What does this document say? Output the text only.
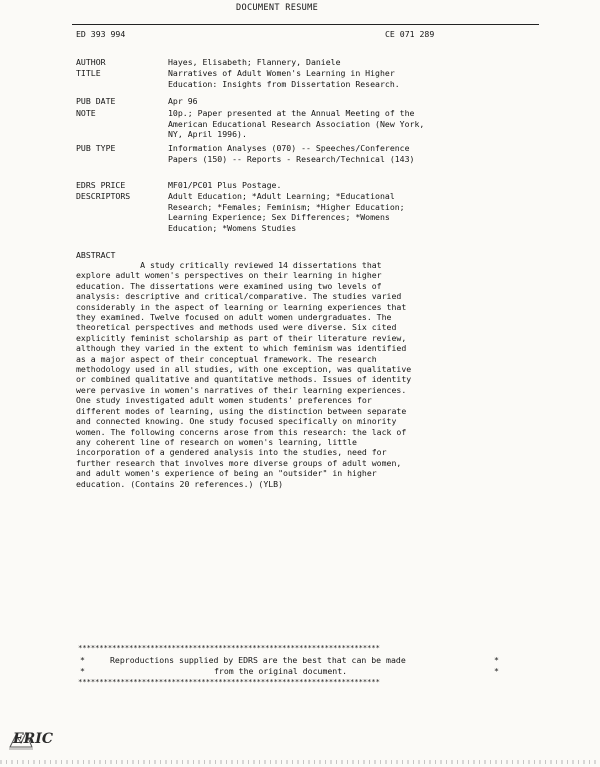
DOCUMENT RESUME
ED 393 994	CE 071 289
AUTHOR	Hayes, Elisabeth; Flannery, Daniele
TITLE	Narratives of Adult Women's Learning in Higher
Education: Insights from Dissertation Research.
PUB DATE	Apr 96
NOTE	10p.; Paper presented at the Annual Meeting of the
American Educational Research Association (New York,
NY, April 1996).
PUB TYPE	Information Analyses (070) -- Speeches/Conference
Papers (150) -- Reports - Research/Technical (143)
EDRS PRICE	MF01/PC01 Plus Postage.
DESCRIPTORS	Adult Education; *Adult Learning; *Educational
Research; *Females; Feminism; *Higher Education;
Learning Experience; Sex Differences; *Womens
Education; *Womens Studies
ABSTRACT
A study critically reviewed 14 dissertations that
explore adult women's perspectives on their learning in higher
education. The dissertations were examined using two levels of
analysis: descriptive and critical/comparative. The studies varied
considerably in the aspect of learning or learning experiences that
they examined. Twelve focused on adult women undergraduates. The
theoretical perspectives and methods used were diverse. Six cited
explicitly feminist scholarship as part of their literature review,
although they varied in the extent to which feminism was identified
as a major aspect of their conceptual framework. The research
methodology used in all studies, with one exception, was qualitative
or combined qualitative and quantitative methods. Issues of identity
were pervasive in women's narratives of their learning experiences.
One study investigated adult women students' preferences for
different modes of learning, using the distinction between separate
and connected knowing. One study focused specifically on minority
women. The following concerns arose from this research: the lack of
any coherent line of research on women's learning, little
incorporation of a gendered analysis into the studies, need for
further research that involves more diverse groups of adult women,
and adult women's experience of being an "outsider" in higher
education. (Contains 20 references.) (YLB)
***********************************************************************
*	Reproductions supplied by EDRS are the best that can be made	*
*	from the original document.	*
***********************************************************************
ERIC
